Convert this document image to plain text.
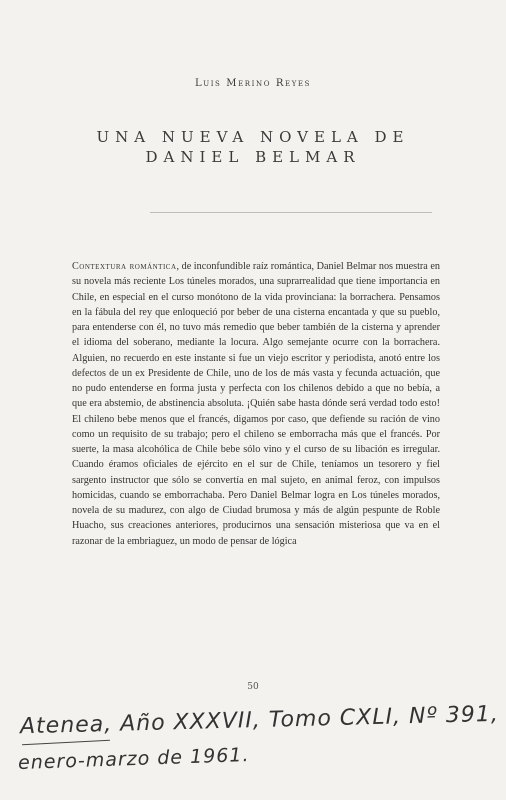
Luis Merino Reyes
UNA NUEVA NOVELA DE
DANIEL BELMAR
Contextura romántica, de inconfundible raíz romántica, Daniel Belmar nos muestra en su novela más reciente Los túneles morados, una suprarrealidad que tiene importancia en Chile, en especial en el curso monótono de la vida provinciana: la borrachera. Pensamos en la fábula del rey que enloqueció por beber de una cisterna encantada y que su pueblo, para entenderse con él, no tuvo más remedio que beber también de la cisterna y aprender el idioma del soberano, mediante la locura. Algo semejante ocurre con la borrachera. Alguien, no recuerdo en este instante si fue un viejo escritor y periodista, anotó entre los defectos de un ex Presidente de Chile, uno de los de más vasta y fecunda actuación, que no pudo entenderse en forma justa y perfecta con los chilenos debido a que no bebía, a que era abstemio, de abstinencia absoluta. ¡Quién sabe hasta dónde será verdad todo esto! El chileno bebe menos que el francés, digamos por caso, que defiende su ración de vino como un requisito de su trabajo; pero el chileno se emborracha más que el francés. Por suerte, la masa alcohólica de Chile bebe sólo vino y el curso de su libación es irregular. Cuando éramos oficiales de ejército en el sur de Chile, teníamos un tesorero y fiel sargento instructor que sólo se convertía en mal sujeto, en animal feroz, con impulsos homicidas, cuando se emborrachaba. Pero Daniel Belmar logra en Los túneles morados, novela de su madurez, con algo de Ciudad brumosa y más de algún pespunte de Roble Huacho, sus creaciones anteriores, producirnos una sensación misteriosa que va en el razonar de la embriaguez, un modo de pensar de lógica
50
Atenea, Año XXXVII, Tomo CXLI, Nº 391,
enero-marzo de 1961.
